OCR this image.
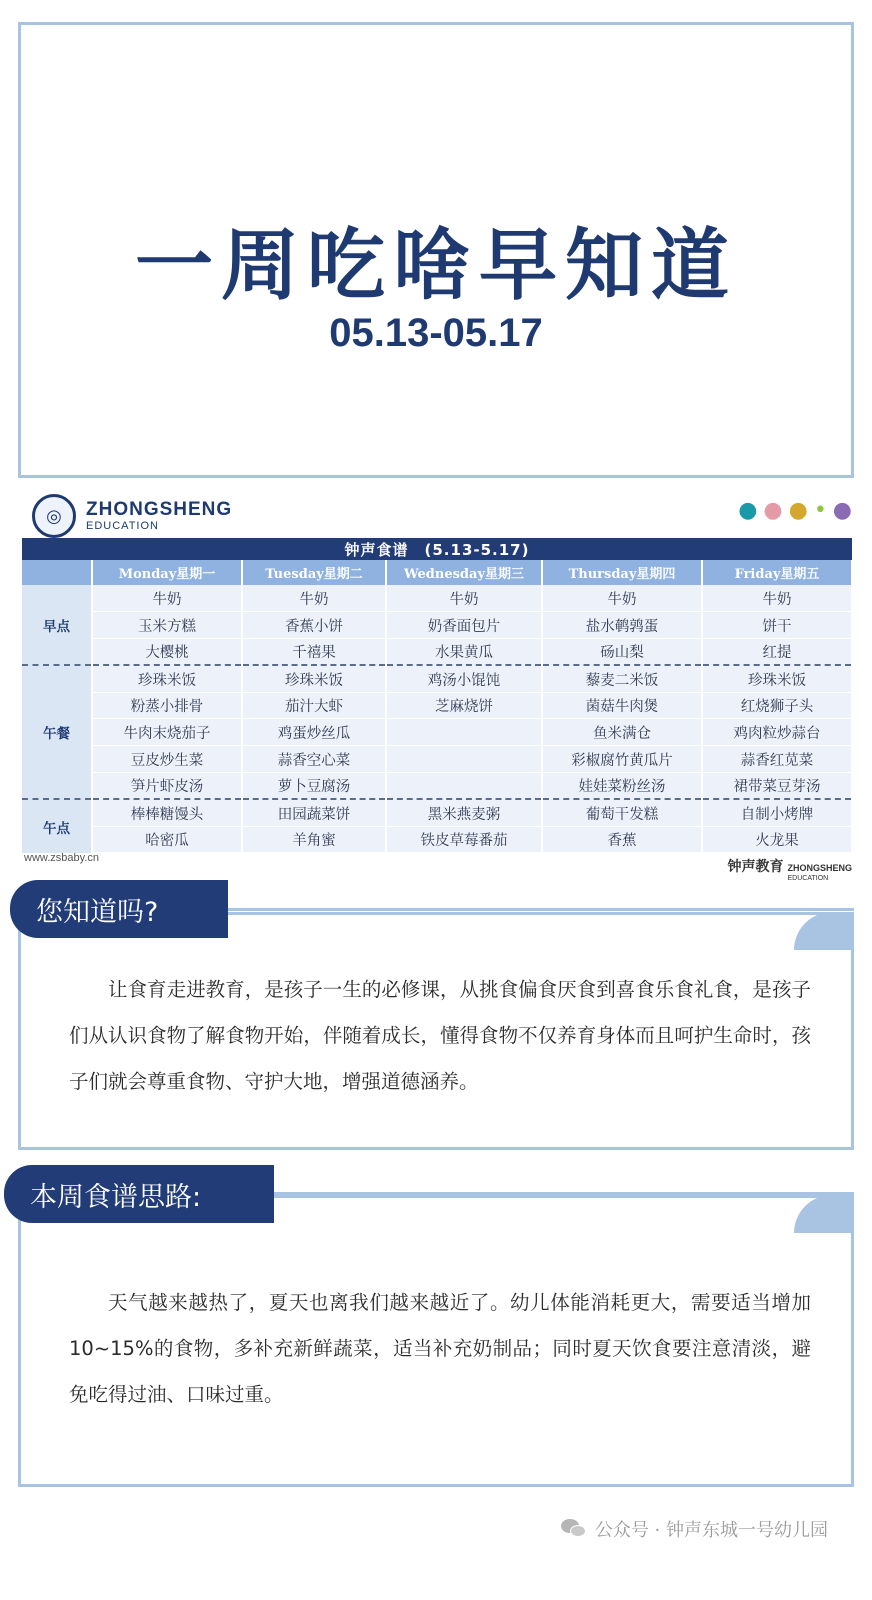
一周吃啥早知道
05.13-05.17
◎ ZHONGSHENG
EDUCATION
● ● ● • ●
钟声食谱　(5.13-5.17)					
	Monday星期一	Tuesday星期二	Wednesday星期三	Thursday星期四	Friday星期五
早点	牛奶	牛奶	牛奶	牛奶	牛奶
	玉米方糕	香蕉小饼	奶香面包片	盐水鹌鹑蛋	饼干
	大樱桃	千禧果	水果黄瓜	砀山梨	红提
午餐	珍珠米饭	珍珠米饭	鸡汤小馄饨	藜麦二米饭	珍珠米饭
	粉蒸小排骨	茄汁大虾	芝麻烧饼	菌菇牛肉煲	红烧狮子头
	牛肉末烧茄子	鸡蛋炒丝瓜		鱼米满仓	鸡肉粒炒蒜台
	豆皮炒生菜	蒜香空心菜		彩椒腐竹黄瓜片	蒜香红苋菜
	笋片虾皮汤	萝卜豆腐汤		娃娃菜粉丝汤	裙带菜豆芽汤
午点	棒棒糖馒头	田园蔬菜饼	黑米燕麦粥	葡萄干发糕	自制小烤牌
	哈密瓜	羊角蜜	铁皮草莓番茄	香蕉	火龙果
www.zsbaby.cn
钟声教育 ZHONGSHENG
EDUCATION
让食育走进教育，是孩子一生的必修课，从挑食偏食厌食到喜食乐食礼食，是孩子们从认识食物了解食物开始，伴随着成长，懂得食物不仅养育身体而且呵护生命时，孩子们就会尊重食物、守护大地，增强道德涵养。
您知道吗?
天气越来越热了，夏天也离我们越来越近了。幼儿体能消耗更大，需要适当增加10~15%的食物，多补充新鲜蔬菜，适当补充奶制品；同时夏天饮食要注意清淡，避免吃得过油、口味过重。
本周食谱思路:
公众号 · 钟声东城一号幼儿园
